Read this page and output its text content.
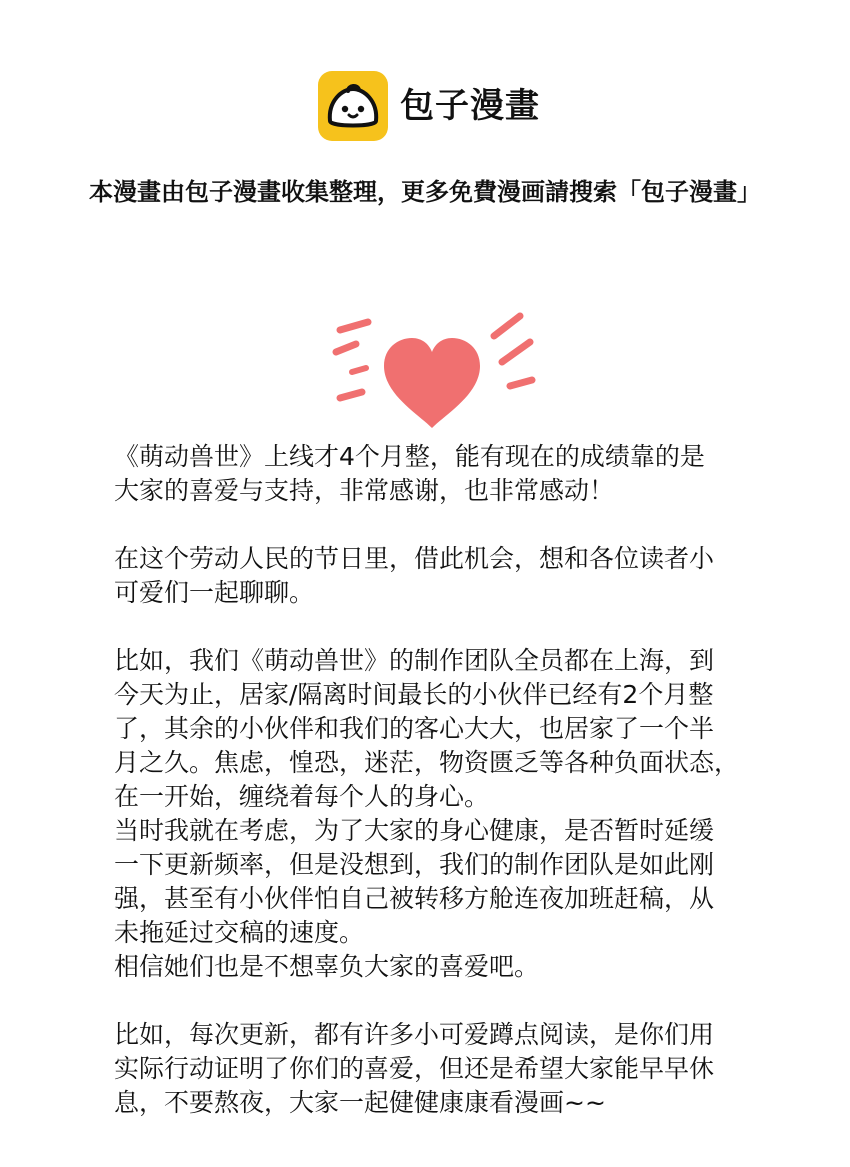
包子漫畫
本漫畫由包子漫畫收集整理，更多免費漫画請搜索「包子漫畫」
《萌动兽世》上线才4个月整，能有现在的成绩靠的是
大家的喜爱与支持，非常感谢，也非常感动！
在这个劳动人民的节日里，借此机会，想和各位读者小
可爱们一起聊聊。
比如，我们《萌动兽世》的制作团队全员都在上海，到
今天为止，居家/隔离时间最长的小伙伴已经有2个月整
了，其余的小伙伴和我们的客心大大，也居家了一个半
月之久。焦虑，惶恐，迷茫，物资匮乏等各种负面状态，
在一开始，缠绕着每个人的身心。
当时我就在考虑，为了大家的身心健康，是否暂时延缓
一下更新频率，但是没想到，我们的制作团队是如此刚
强，甚至有小伙伴怕自己被转移方舱连夜加班赶稿，从
未拖延过交稿的速度。
相信她们也是不想辜负大家的喜爱吧。
比如，每次更新，都有许多小可爱蹲点阅读，是你们用
实际行动证明了你们的喜爱，但还是希望大家能早早休
息，不要熬夜，大家一起健健康康看漫画~~
